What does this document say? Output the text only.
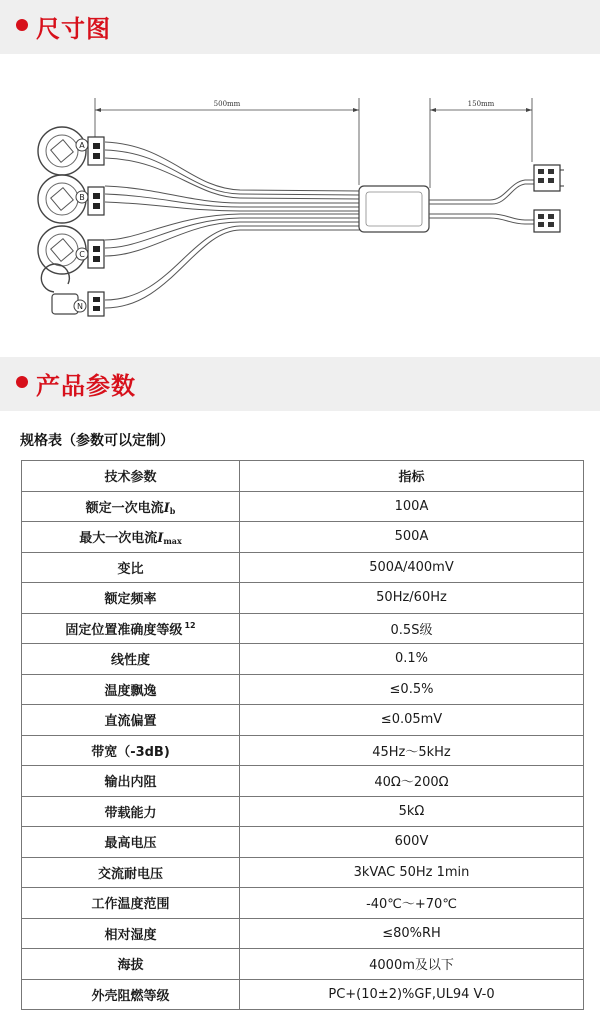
尺寸图
500mm	150mm
A
B
C
N
产品参数
规格表（参数可以定制）
技术参数	指标
额定一次电流$I_b$	100A
最大一次电流$I_{max}$	500A
变比	500A/400mV
额定频率	50Hz/60Hz
固定位置准确度等级 $^{12}$	0.5S级
线性度	0.1%
温度飘逸	≤0.5%
直流偏置	≤0.05mV
带宽（-3dB)	45Hz～5kHz
输出内阻	40Ω～200Ω
带载能力	5kΩ
最高电压	600V
交流耐电压	3kVAC 50Hz 1min
工作温度范围	-40℃～+70℃
相对湿度	≤80%RH
海拔	4000m及以下
外壳阻燃等级	PC+(10±2)%GF,UL94 V-0
